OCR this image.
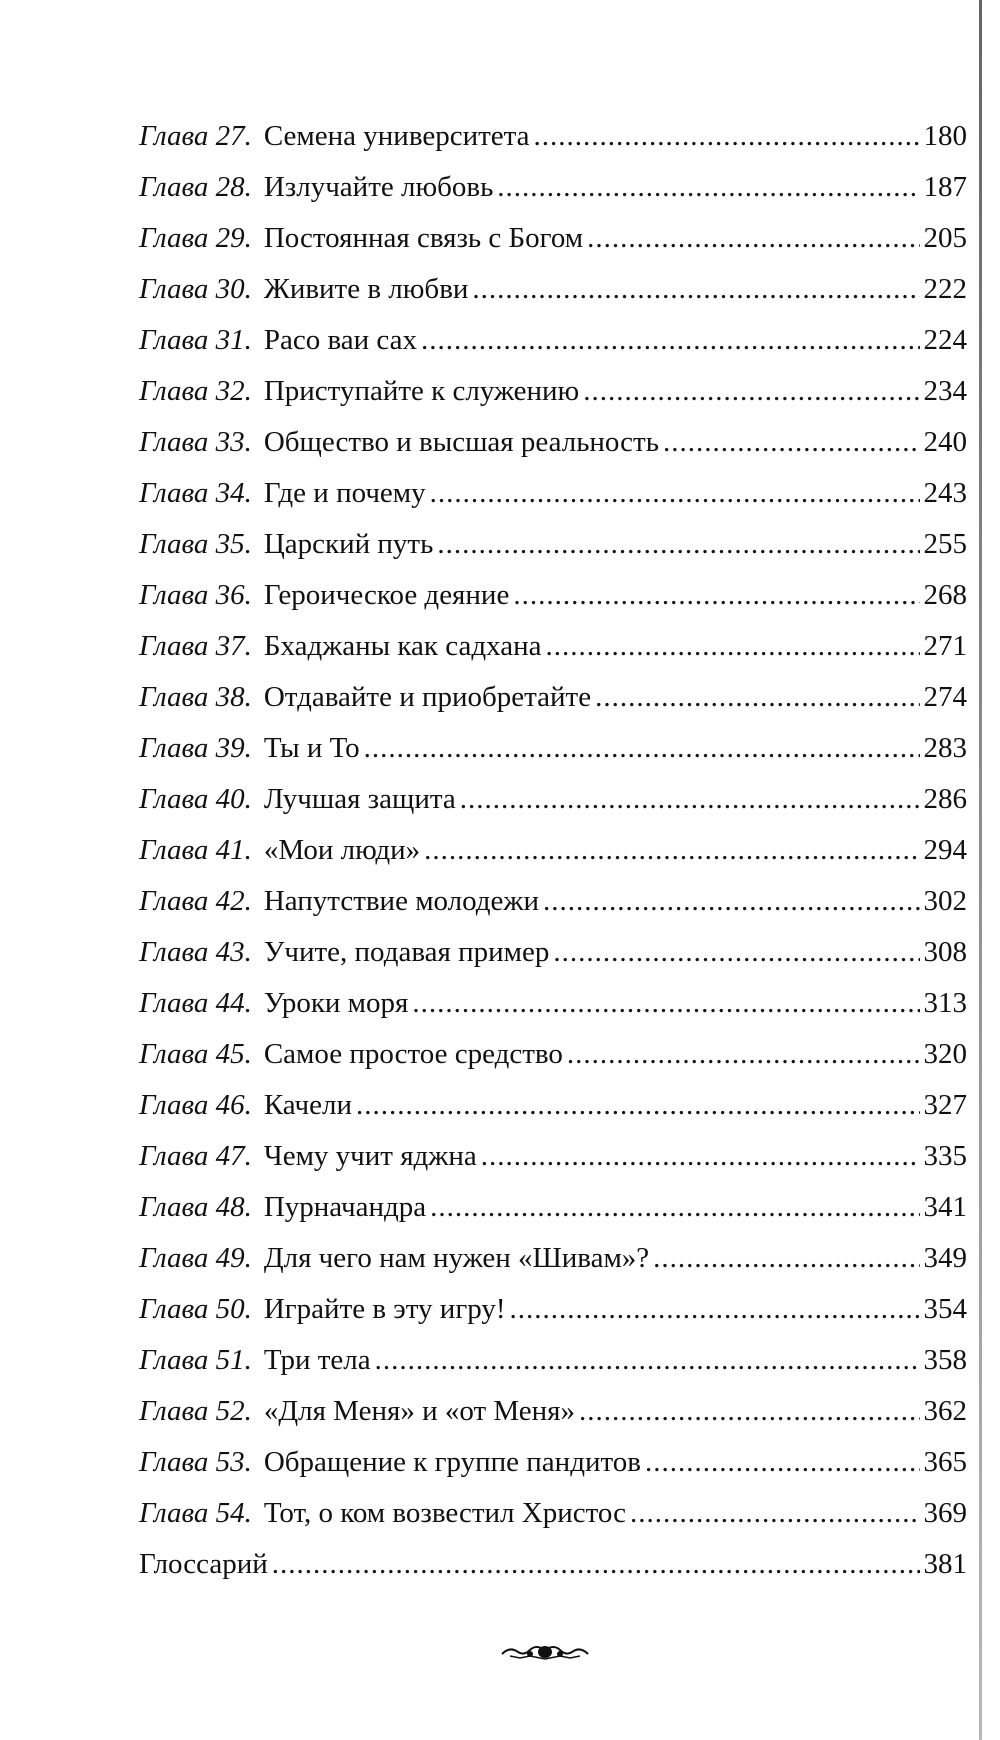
Глава 27. Семена университета .....	180
Глава 28. Излучайте любовь .....	187
Глава 29. Постоянная связь с Богом .....	205
Глава 30. Живите в любви .....	222
Глава 31. Расо ваи сах .....	224
Глава 32. Приступайте к служению .....	234
Глава 33. Общество и высшая реальность .....	240
Глава 34. Где и почему .....	243
Глава 35. Царский путь .....	255
Глава 36. Героическое деяние .....	268
Глава 37. Бхаджаны как садхана .....	271
Глава 38. Отдавайте и приобретайте .....	274
Глава 39. Ты и То .....	283
Глава 40. Лучшая защита .....	286
Глава 41. «Мои люди» .....	294
Глава 42. Напутствие молодежи .....	302
Глава 43. Учите, подавая пример .....	308
Глава 44. Уроки моря .....	313
Глава 45. Самое простое средство .....	320
Глава 46. Качели .....	327
Глава 47. Чему учит яджна .....	335
Глава 48. Пурначандра .....	341
Глава 49. Для чего нам нужен «Шивам»? .....	349
Глава 50. Играйте в эту игру! .....	354
Глава 51. Три тела .....	358
Глава 52. «Для Меня» и «от Меня» .....	362
Глава 53. Обращение к группе пандитов .....	365
Глава 54. Тот, о ком возвестил Христос .....	369
Глоссарий .....	381
